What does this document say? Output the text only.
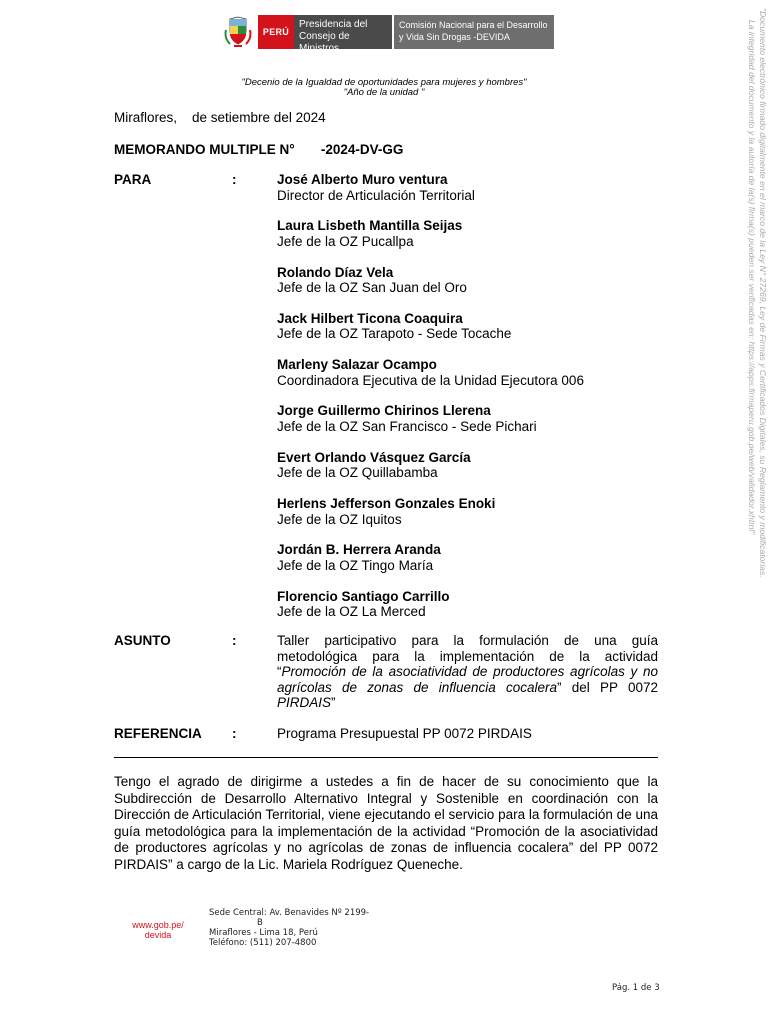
PERÚ
Presidencia del
Consejo de Ministros
Comisión Nacional para el Desarrollo
y Vida Sin Drogas -DEVIDA
"Decenio de la Igualdad de oportunidades para mujeres y hombres"
"Año de la unidad "
Miraflores,    de setiembre del 2024
MEMORANDO MULTIPLE N°       -2024-DV-GG
PARA	:	José Alberto Muro ventura
Director de Articulación Territorial
Laura Lisbeth Mantilla Seijas
Jefe de la OZ Pucallpa
Rolando Díaz Vela
Jefe de la OZ San Juan del Oro
Jack Hilbert Ticona Coaquira
Jefe de la OZ Tarapoto - Sede Tocache
Marleny Salazar Ocampo
Coordinadora Ejecutiva de la Unidad Ejecutora 006
Jorge Guillermo Chirinos Llerena
Jefe de la OZ San Francisco - Sede Pichari
Evert Orlando Vásquez García
Jefe de la OZ Quillabamba
Herlens Jefferson Gonzales Enoki
Jefe de la OZ Iquitos
Jordán B. Herrera Aranda
Jefe de la OZ Tingo María
Florencio Santiago Carrillo
Jefe de la OZ La Merced
ASUNTO	:	Taller participativo para la formulación de una guía metodológica para la implementación de la actividad “Promoción de la asociatividad de productores agrícolas y no agrícolas de zonas de influencia cocalera” del PP 0072 PIRDAIS”
REFERENCIA :	Programa Presupuestal PP 0072 PIRDAIS
Tengo el agrado de dirigirme a ustedes a fin de hacer de su conocimiento que la Subdirección de Desarrollo Alternativo Integral y Sostenible en coordinación con la Dirección de Articulación Territorial, viene ejecutando el servicio para la formulación de una guía metodológica para la implementación de la actividad “Promoción de la asociatividad de productores agrícolas y no agrícolas de zonas de influencia cocalera” del PP 0072 PIRDAIS” a cargo de la Lic. Mariela Rodríguez Queneche.
www.gob.pe/
devida
Sede Central: Av. Benavides Nº 2199-
B
Miraflores - Lima 18, Perú
Teléfono: (511) 207-4800
Pág. 1 de 3
"Documento electrónico firmado digitalmente en el marco de la Ley N° 27269, Ley de Firmas y Certificados Digitales, su Reglamento y modificatorias.
La integridad del documento y la autoría de la(s) firma(s) pueden ser verificadas en: https://apps.firmaperu.gob.pe/web/validador.xhtml"
